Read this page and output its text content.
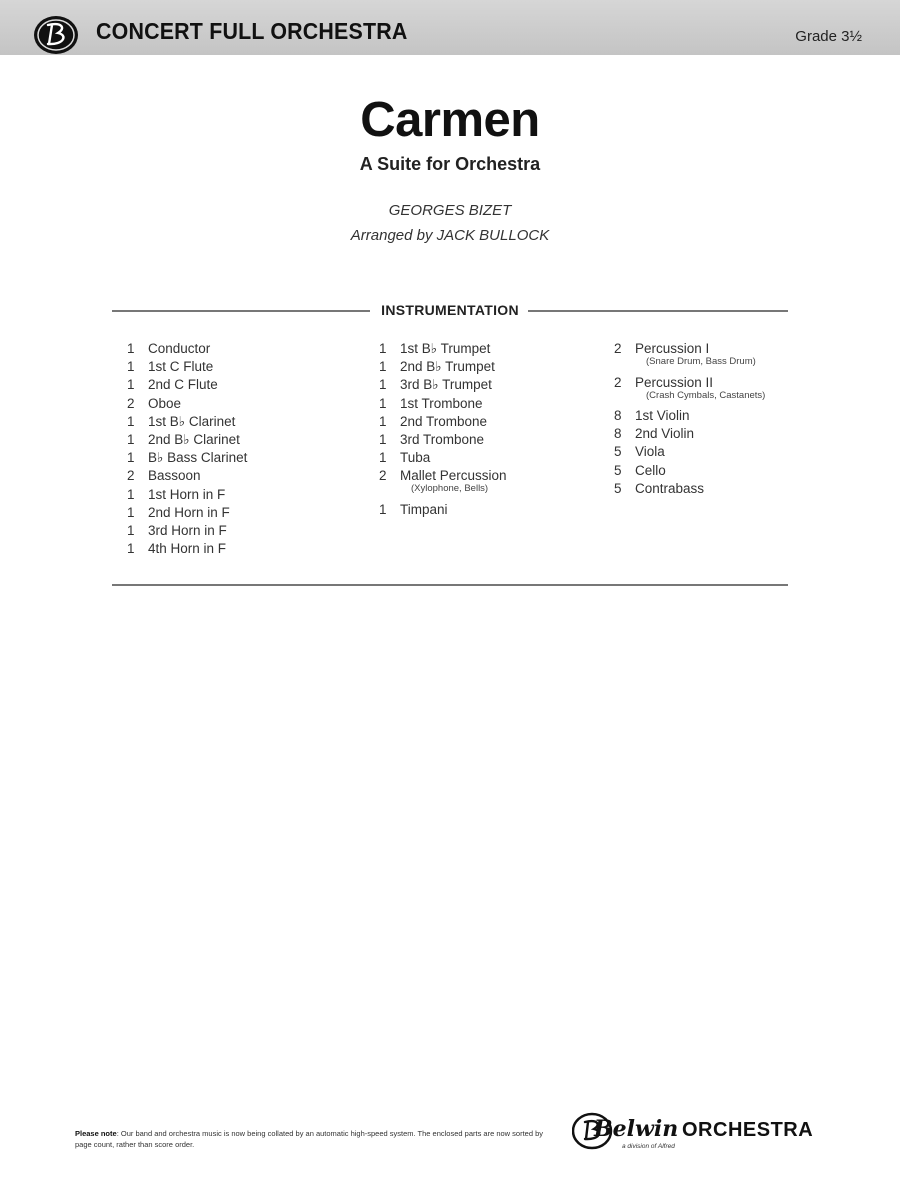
CONCERT FULL ORCHESTRA	Grade 3½
Carmen
A Suite for Orchestra
GEORGES BIZET
Arranged by JACK BULLOCK
INSTRUMENTATION
1 Conductor
1 1st C Flute
1 2nd C Flute
2 Oboe
1 1st B♭ Clarinet
1 2nd B♭ Clarinet
1 B♭ Bass Clarinet
2 Bassoon
1 1st Horn in F
1 2nd Horn in F
1 3rd Horn in F
1 4th Horn in F
1 1st B♭ Trumpet
1 2nd B♭ Trumpet
1 3rd B♭ Trumpet
1 1st Trombone
1 2nd Trombone
1 3rd Trombone
1 Tuba
2 Mallet Percussion
(Xylophone, Bells)
1 Timpani
2 Percussion I
(Snare Drum, Bass Drum)
2 Percussion II
(Crash Cymbals, Castanets)
8 1st Violin
8 2nd Violin
5 Viola
5 Cello
5 Contrabass
Please note: Our band and orchestra music is now being collated by an automatic high-speed system. The enclosed parts are now sorted by page count, rather than score order.
Belwin ORCHESTRA
a division of Alfred
